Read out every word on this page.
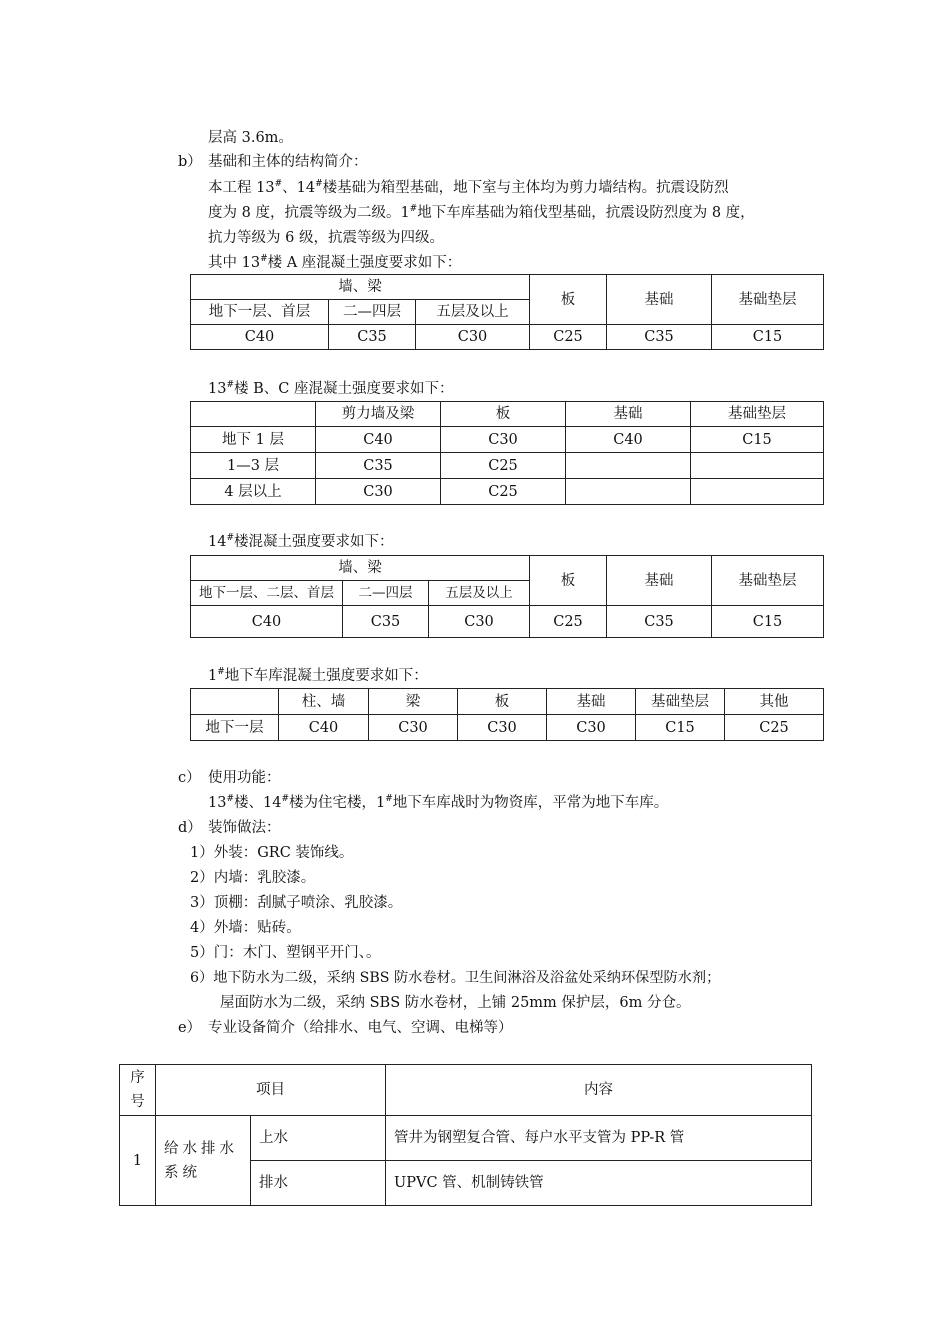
层高 3.6m。
b） 基础和主体的结构简介：
本工程 13#、14#楼基础为箱型基础，地下室与主体均为剪力墙结构。抗震设防烈
度为 8 度，抗震等级为二级。1#地下车库基础为箱伐型基础，抗震设防烈度为 8 度，
抗力等级为 6 级，抗震等级为四级。
其中 13#楼 A 座混凝土强度要求如下：
墙、梁			板	基础	基础垫层
地下一层、首层	二—四层	五层及以上			
C40	C35	C30	C25	C35	C15
13#楼 B、C 座混凝土强度要求如下：
	剪力墙及梁	板	基础	基础垫层
地下 1 层	C40	C30	C40	C15
1—3 层	C35	C25		
4 层以上	C30	C25		
14#楼混凝土强度要求如下：
墙、梁			板	基础	基础垫层
地下一层、二层、首层	二—四层	五层及以上			
C40	C35	C30	C25	C35	C15
1#地下车库混凝土强度要求如下：
	柱、墙	梁	板	基础	基础垫层	其他
地下一层	C40	C30	C30	C30	C15	C25
c） 使用功能：
13#楼、14#楼为住宅楼，1#地下车库战时为物资库，平常为地下车库。
d） 装饰做法：
1）外装：GRC 装饰线。
2）内墙：乳胶漆。
3）顶棚：刮腻子喷涂、乳胶漆。
4）外墙：贴砖。
5）门：木门、塑钢平开门、。
6）地下防水为二级，采纳 SBS 防水卷材。卫生间淋浴及浴盆处采纳环保型防水剂；
屋面防水为二级，采纳 SBS 防水卷材，上铺 25mm 保护层，6m 分仓。
e） 专业设备简介（给排水、电气、空调、电梯等）
序号	项目		内容
1	给水排水系统	上水	管井为钢塑复合管、每户水平支管为 PP-R 管
		排水	UPVC 管、机制铸铁管
